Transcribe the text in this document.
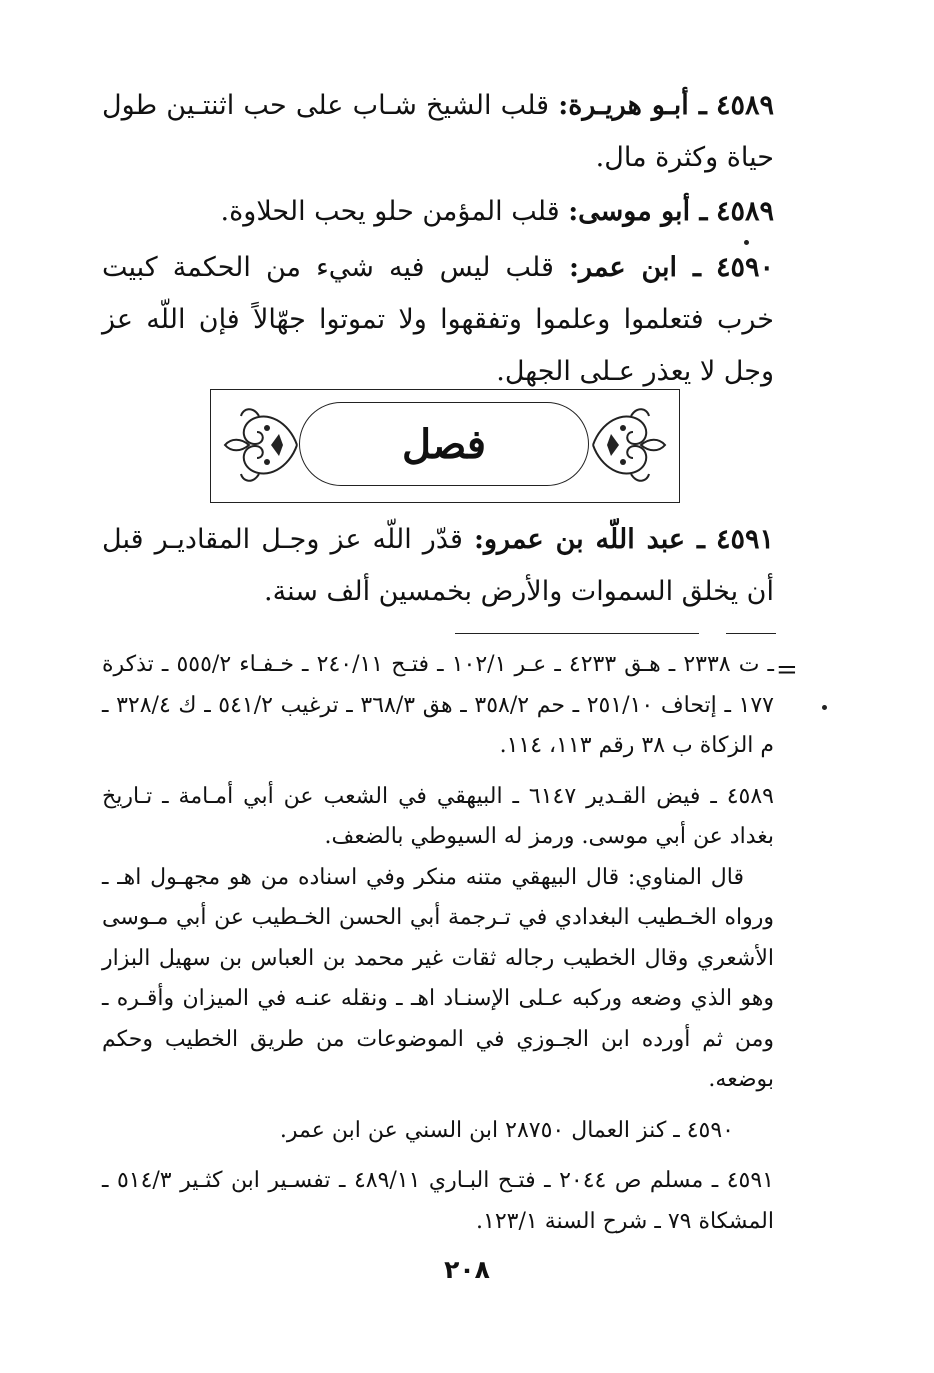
٤٥٨٩ ـ أبـو هريـرة: قلب الشيخ شـاب على حب اثنتـين طول حياة وكثرة مال.
٤٥٨٩ ـ أبو موسى: قلب المؤمن حلو يحب الحلاوة.
٤٥٩٠ ـ ابن عمر: قلب ليس فيه شيء من الحكمة كبيت خرب فتعلموا وعلموا وتفقهوا ولا تموتوا جهّالاً فإن اللّه عز وجل لا يعذر عـلى الجهل.
فصل
٤٥٩١ ـ عبد اللّه بن عمرو: قدّر اللّه عز وجـل المقاديـر قبل أن يخلق السموات والأرض بخمسين ألف سنة.
=

ـ ت ٢٣٣٨ ـ هـق ٤٢٣٣ ـ عـر ١٠٢/١ ـ فتـح ٢٤٠/١١ ـ خـفـاء ٥٥٥/٢ ـ تذكرة ١٧٧ ـ إتحاف ٢٥١/١٠ ـ حم ٣٥٨/٢ ـ هق ٣٦٨/٣ ـ ترغيب ٥٤١/٢ ـ ك ٣٢٨/٤ ـ م الزكاة ب ٣٨ رقم ١١٣، ١١٤.

٤٥٨٩ ـ فيض القـدير ٦١٤٧ ـ البيهقي في الشعب عن أبي أمـامة ـ تـاريخ بغداد عن أبي موسى. ورمز له السيوطي بالضعف.

قال المناوي: قال البيهقي متنه منكر وفي اسناده من هو مجهـول اهـ ـ ورواه الخـطيب البغدادي في تـرجمة أبي الحسن الخـطيب عن أبي مـوسى الأشعري وقال الخطيب رجاله ثقات غير محمد بن العباس بن سهيل البزار وهو الذي وضعه وركبه عـلى الإسنـاد اهـ ـ ونقله عنـه في الميزان وأقـره ـ ومن ثم أورده ابن الجـوزي في الموضوعات من طريق الخطيب وحكم بوضعه.

٤٥٩٠ ـ كنز العمال ٢٨٧٥٠ ابن السني عن ابن عمر.

٤٥٩١ ـ مسلم ص ٢٠٤٤ ـ فتـح البـاري ٤٨٩/١١ ـ تفسـير ابن كثـير ٥١٤/٣ ـ المشكاة ٧٩ ـ شرح السنة ١٢٣/١.

٢٠٨
